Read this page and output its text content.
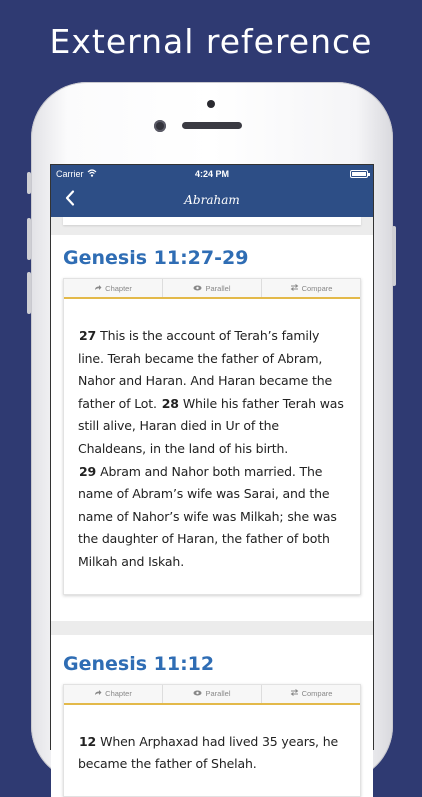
External reference
Carrier	4:24 PM
Abraham
Genesis 11:27-29
Chapter	Parallel	Compare
27 This is the account of Terah’s family line. Terah became the father of Abram, Nahor and Haran. And Haran became the father of Lot. 28 While his father Terah was still alive, Haran died in Ur of the Chaldeans, in the land of his birth. 29 Abram and Nahor both married. The name of Abram’s wife was Sarai, and the name of Nahor’s wife was Milkah; she was the daughter of Haran, the father of both Milkah and Iskah.
Genesis 11:12
Chapter	Parallel	Compare
12 When Arphaxad had lived 35 years, he became the father of Shelah.
